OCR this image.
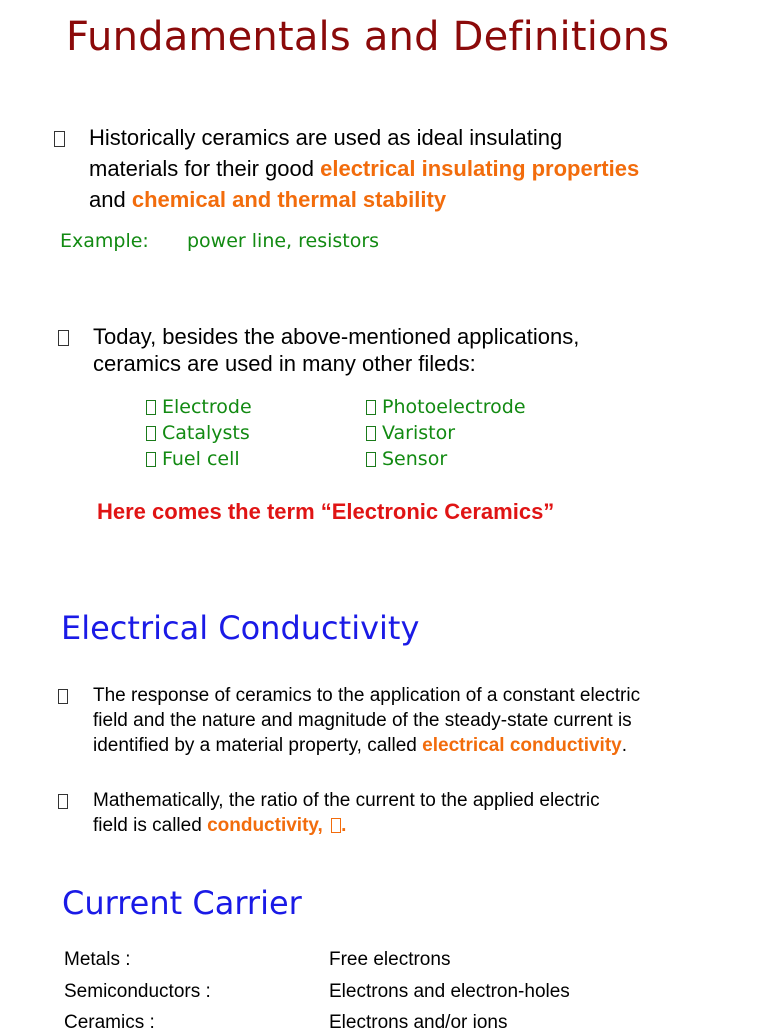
Fundamentals and Definitions
Historically ceramics are used as ideal insulating
materials for their good electrical insulating properties
and chemical and thermal stability
Example: power line, resistors
Today, besides the above-mentioned applications,
ceramics are used in many other fileds:
Electrode
Catalysts
Fuel cell
Photoelectrode
Varistor
Sensor
Here comes the term “Electronic Ceramics”
Electrical Conductivity
The response of ceramics to the application of a constant electric
field and the nature and magnitude of the steady-state current is
identified by a material property, called electrical conductivity.
Mathematically, the ratio of the current to the applied electric
field is called conductivity, .
Current Carrier
Metals :	Free electrons
Semiconductors :	Electrons and electron-holes
Ceramics :	Electrons and/or ions
